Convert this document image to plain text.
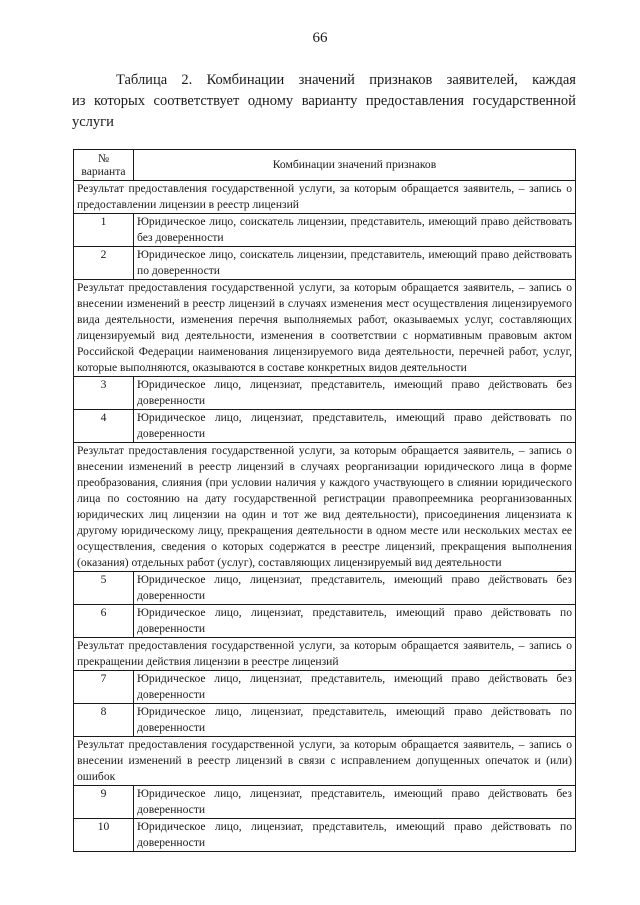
66
Таблица 2. Комбинации значений признаков заявителей, каждая
из которых соответствует одному варианту предоставления государственной
услуги
№
варианта	Комбинации значений признаков
Результат предоставления государственной услуги, за которым обращается заявитель, – запись о предоставлении лицензии в реестр лицензий	
1	Юридическое лицо, соискатель лицензии, представитель, имеющий право действовать без доверенности
2	Юридическое лицо, соискатель лицензии, представитель, имеющий право действовать по доверенности
Результат предоставления государственной услуги, за которым обращается заявитель, – запись о внесении изменений в реестр лицензий в случаях изменения мест осуществления лицензируемого вида деятельности, изменения перечня выполняемых работ, оказываемых услуг, составляющих лицензируемый вид деятельности, изменения в соответствии с нормативным правовым актом Российской Федерации наименования лицензируемого вида деятельности, перечней работ, услуг, которые выполняются, оказываются в составе конкретных видов деятельности	
3	Юридическое лицо, лицензиат, представитель, имеющий право действовать без доверенности
4	Юридическое лицо, лицензиат, представитель, имеющий право действовать по доверенности
Результат предоставления государственной услуги, за которым обращается заявитель, – запись о внесении изменений в реестр лицензий в случаях реорганизации юридического лица в форме преобразования, слияния (при условии наличия у каждого участвующего в слиянии юридического лица по состоянию на дату государственной регистрации правопреемника реорганизованных юридических лиц лицензии на один и тот же вид деятельности), присоединения лицензиата к другому юридическому лицу, прекращения деятельности в одном месте или нескольких местах ее осуществления, сведения о которых содержатся в реестре лицензий, прекращения выполнения (оказания) отдельных работ (услуг), составляющих лицензируемый вид деятельности	
5	Юридическое лицо, лицензиат, представитель, имеющий право действовать без доверенности
6	Юридическое лицо, лицензиат, представитель, имеющий право действовать по доверенности
Результат предоставления государственной услуги, за которым обращается заявитель, – запись о прекращении действия лицензии в реестре лицензий	
7	Юридическое лицо, лицензиат, представитель, имеющий право действовать без доверенности
8	Юридическое лицо, лицензиат, представитель, имеющий право действовать по доверенности
Результат предоставления государственной услуги, за которым обращается заявитель, – запись о внесении изменений в реестр лицензий в связи с исправлением допущенных опечаток и (или) ошибок	
9	Юридическое лицо, лицензиат, представитель, имеющий право действовать без доверенности
10	Юридическое лицо, лицензиат, представитель, имеющий право действовать по доверенности
